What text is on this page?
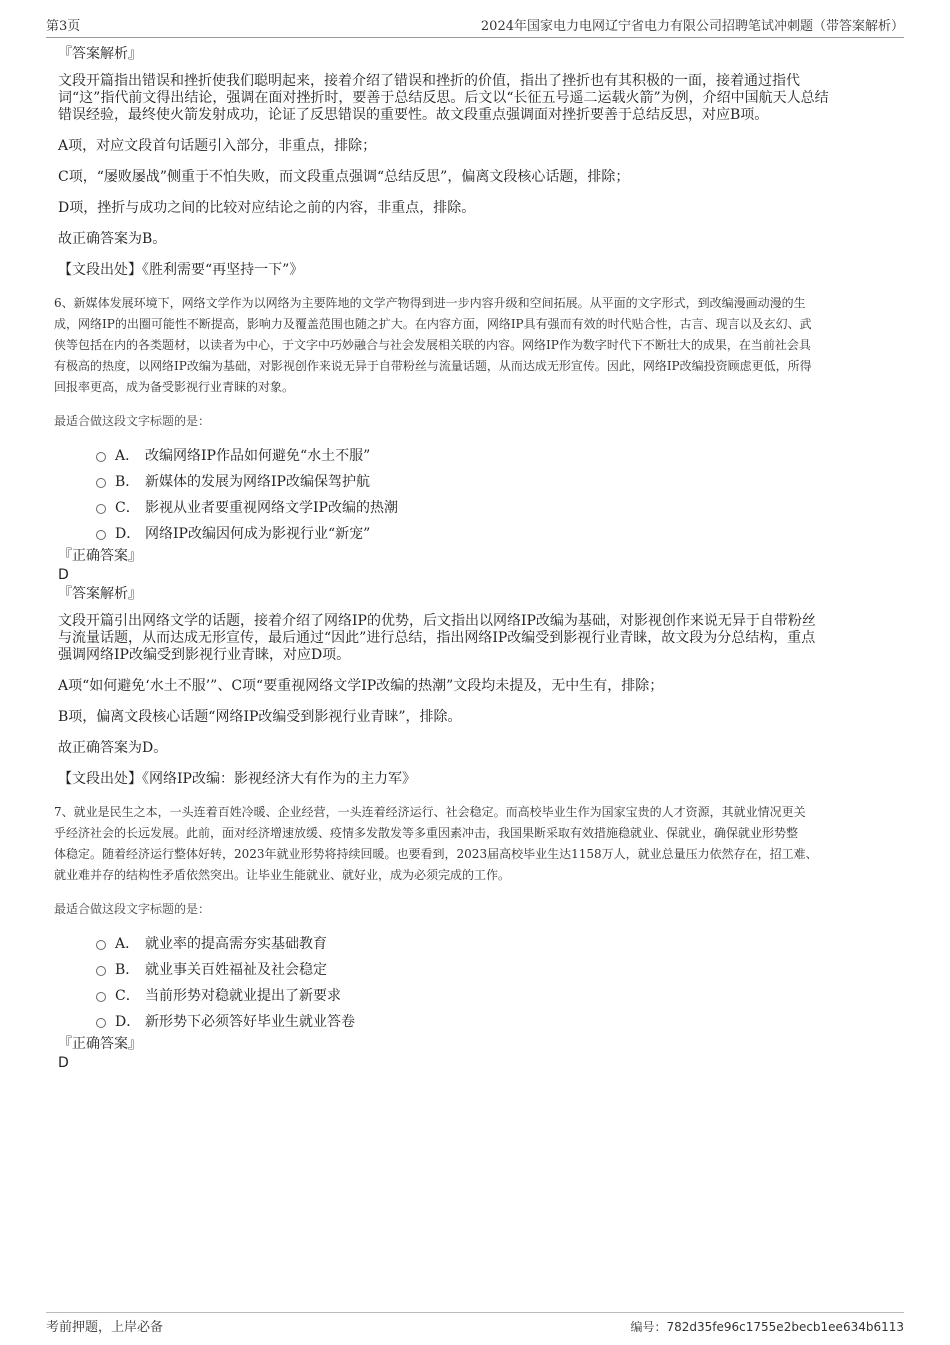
第3页	2024年国家电力电网辽宁省电力有限公司招聘笔试冲刺题（带答案解析）
『答案解析』

文段开篇指出错误和挫折使我们聪明起来，接着介绍了错误和挫折的价值，指出了挫折也有其积极的一面，接着通过指代

词“这”指代前文得出结论，强调在面对挫折时，要善于总结反思。后文以“长征五号遥二运载火箭”为例，介绍中国航天人总结

错误经验，最终使火箭发射成功，论证了反思错误的重要性。故文段重点强调面对挫折要善于总结反思，对应B项。

A项，对应文段首句话题引入部分，非重点，排除；

C项，“屡败屡战”侧重于不怕失败，而文段重点强调“总结反思”，偏离文段核心话题，排除；

D项，挫折与成功之间的比较对应结论之前的内容，非重点，排除。

故正确答案为B。

【文段出处】《胜利需要“再坚持一下”》

6、新媒体发展环境下，网络文学作为以网络为主要阵地的文学产物得到进一步内容升级和空间拓展。从平面的文字形式，到改编漫画动漫的生

成，网络IP的出圈可能性不断提高，影响力及覆盖范围也随之扩大。在内容方面，网络IP具有强而有效的时代贴合性，古言、现言以及玄幻、武

侠等包括在内的各类题材，以读者为中心，于文字中巧妙融合与社会发展相关联的内容。网络IP作为数字时代下不断壮大的成果，在当前社会具

有极高的热度，以网络IP改编为基础，对影视创作来说无异于自带粉丝与流量话题，从而达成无形宣传。因此，网络IP改编投资顾虑更低，所得

回报率更高，成为备受影视行业青睐的对象。

最适合做这段文字标题的是：

A． 改编网络IP作品如何避免“水土不服”
B． 新媒体的发展为网络IP改编保驾护航
C． 影视从业者要重视网络文学IP改编的热潮
D． 网络IP改编因何成为影视行业“新宠”
『正确答案』
D
『答案解析』

文段开篇引出网络文学的话题，接着介绍了网络IP的优势，后文指出以网络IP改编为基础，对影视创作来说无异于自带粉丝

与流量话题，从而达成无形宣传，最后通过“因此”进行总结，指出网络IP改编受到影视行业青睐，故文段为分总结构，重点

强调网络IP改编受到影视行业青睐，对应D项。

A项“如何避免‘水土不服’”、C项“要重视网络文学IP改编的热潮”文段均未提及，无中生有，排除；

B项，偏离文段核心话题“网络IP改编受到影视行业青睐”，排除。

故正确答案为D。

【文段出处】《网络IP改编：影视经济大有作为的主力军》

7、就业是民生之本，一头连着百姓冷暖、企业经营，一头连着经济运行、社会稳定。而高校毕业生作为国家宝贵的人才资源，其就业情况更关

乎经济社会的长远发展。此前，面对经济增速放缓、疫情多发散发等多重因素冲击，我国果断采取有效措施稳就业、保就业，确保就业形势整

体稳定。随着经济运行整体好转，2023年就业形势将持续回暖。也要看到，2023届高校毕业生达1158万人，就业总量压力依然存在，招工难、

就业难并存的结构性矛盾依然突出。让毕业生能就业、就好业，成为必须完成的工作。

最适合做这段文字标题的是：

A． 就业率的提高需夯实基础教育
B． 就业事关百姓福祉及社会稳定
C． 当前形势对稳就业提出了新要求
D． 新形势下必须答好毕业生就业答卷
『正确答案』
D
考前押题，上岸必备	编号：782d35fe96c1755e2becb1ee634b6113
